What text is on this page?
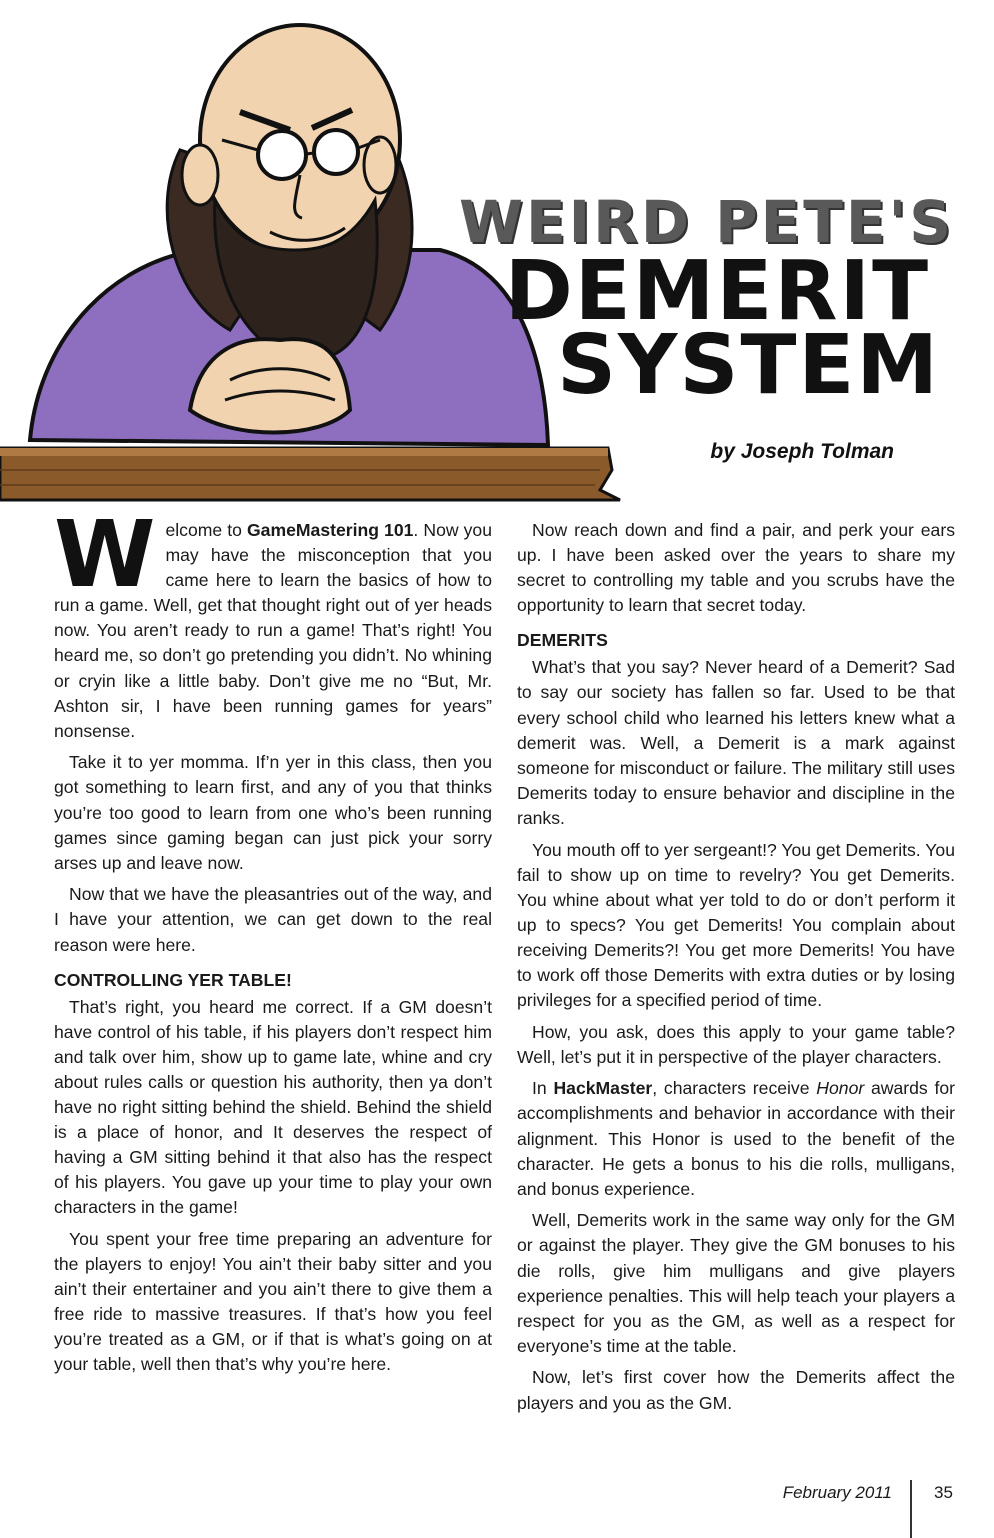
WEIRD PETE'S
DEMERIT
SYSTEM
by Joseph Tolman

Welcome to GameMastering 101. Now you may have the misconception that you came here to learn the basics of how to run a game. Well, get that thought right out of yer heads now. You aren’t ready to run a game! That’s right! You heard me, so don’t go pretending you didn’t. No whining or cryin like a little baby. Don’t give me no “But, Mr. Ashton sir, I have been running games for years” nonsense.

Take it to yer momma. If’n yer in this class, then you got something to learn first, and any of you that thinks you’re too good to learn from one who’s been running games since gaming began can just pick your sorry arses up and leave now.

Now that we have the pleasantries out of the way, and I have your attention, we can get down to the real reason were here.

CONTROLLING YER TABLE!

That’s right, you heard me correct. If a GM doesn’t have control of his table, if his players don’t respect him and talk over him, show up to game late, whine and cry about rules calls or question his authority, then ya don’t have no right sitting behind the shield. Behind the shield is a place of honor, and It deserves the respect of having a GM sitting behind it that also has the respect of his players. You gave up your time to play your own characters in the game!

You spent your free time preparing an adventure for the players to enjoy! You ain’t their baby sitter and you ain’t their entertainer and you ain’t there to give them a free ride to massive treasures. If that’s how you feel you’re treated as a GM, or if that is what’s going on at your table, well then that’s why you’re here.

Now reach down and find a pair, and perk your ears up. I have been asked over the years to share my secret to controlling my table and you scrubs have the opportunity to learn that secret today.

DEMERITS

What’s that you say? Never heard of a Demerit? Sad to say our society has fallen so far. Used to be that every school child who learned his letters knew what a demerit was. Well, a Demerit is a mark against someone for misconduct or failure. The military still uses Demerits today to ensure behavior and discipline in the ranks.

You mouth off to yer sergeant!? You get Demerits. You fail to show up on time to revelry? You get Demerits. You whine about what yer told to do or don’t perform it up to specs? You get Demerits! You complain about receiving Demerits?! You get more Demerits! You have to work off those Demerits with extra duties or by losing privileges for a specified period of time.

How, you ask, does this apply to your game table? Well, let’s put it in perspective of the player characters.

In HackMaster, characters receive Honor awards for accomplishments and behavior in accordance with their alignment. This Honor is used to the benefit of the character. He gets a bonus to his die rolls, mulligans, and bonus experience.

Well, Demerits work in the same way only for the GM or against the player. They give the GM bonuses to his die rolls, give him mulligans and give players experience penalties. This will help teach your players a respect for you as the GM, as well as a respect for everyone’s time at the table.

Now, let’s first cover how the Demerits affect the players and you as the GM.

February 2011 35
